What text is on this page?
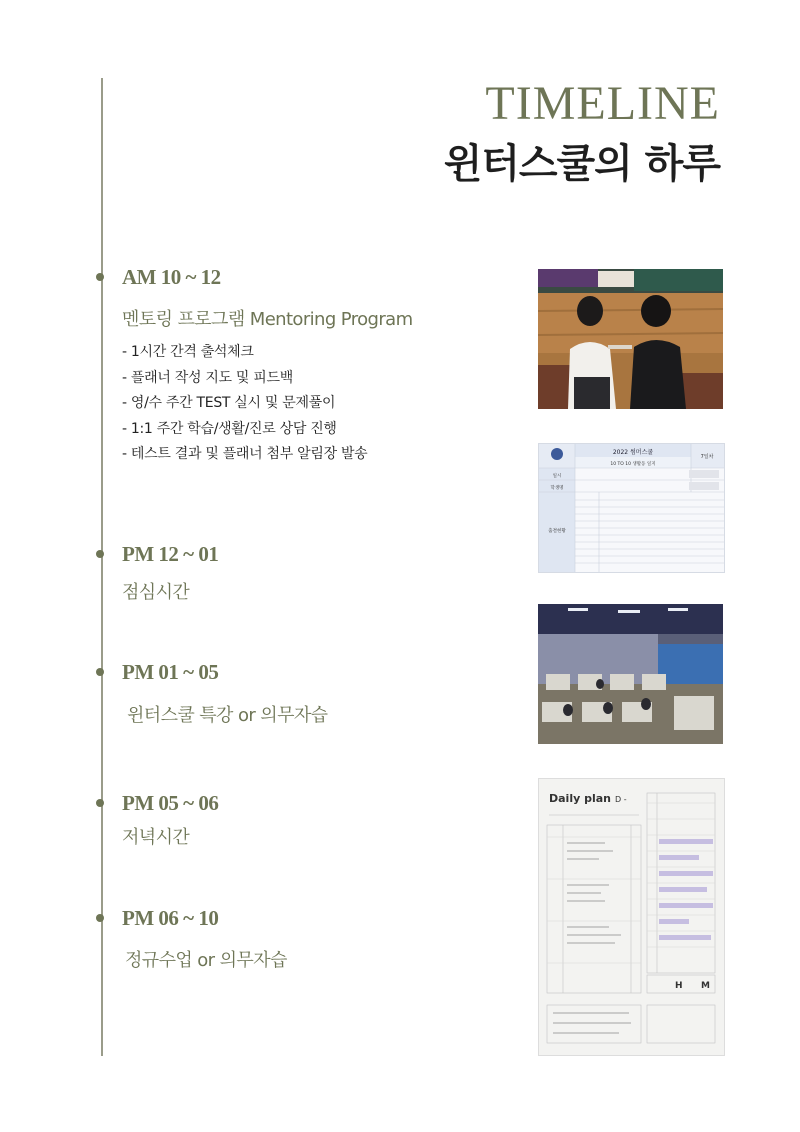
TIMELINE
윈터스쿨의 하루
AM 10 ~ 12
멘토링 프로그램 Mentoring Program
- 1시간 간격 출석체크
- 플래너 작성 지도 및 피드백
- 영/수 주간 TEST 실시 및 문제풀이
- 1:1 주간 학습/생활/진로 상담 진행
- 테스트 결과 및 플래너 첨부 알림장 발송
PM 12 ~ 01
점심시간
PM 01 ~ 05
윈터스쿨 특강 or 의무자습
PM 05 ~ 06
저녁시간
PM 06 ~ 10
정규수업 or 의무자습
2022 썸머스쿨
10 TO 10 생활동 일지
7일차
일시
학생명
출결현황
Daily plan D -
H M
